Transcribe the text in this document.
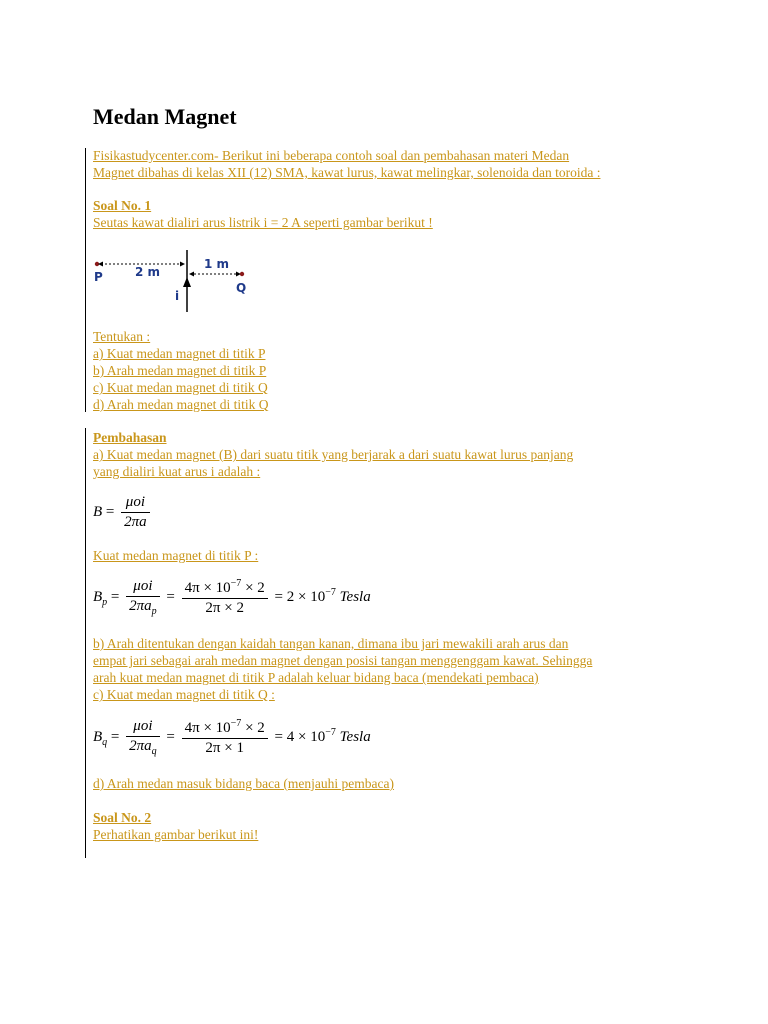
Medan Magnet
Fisikastudycenter.com- Berikut ini beberapa contoh soal dan pembahasan materi Medan
Magnet dibahas di kelas XII (12) SMA, kawat lurus, kawat melingkar, solenoida dan toroida :
Soal No. 1
Seutas kawat dialiri arus listrik i = 2 A seperti gambar berikut !
P	2 m
1 m
i
Q
Tentukan :
a) Kuat medan magnet di titik P
b) Arah medan magnet di titik P
c) Kuat medan magnet di titik Q
d) Arah medan magnet di titik Q
Pembahasan
a) Kuat medan magnet (B) dari suatu titik yang berjarak a dari suatu kawat lurus panjang
yang dialiri kuat arus i adalah :
$B = \frac{\text{μoi}}{2\pi a}$
Kuat medan magnet di titik P :
$B_p = \frac{\text{μoi}}{2\pi a_p} = \frac{4\pi \times 10^{-7} \times 2}{2\pi \times 2} = 2 \times 10^{-7}$ Tesla
b) Arah ditentukan dengan kaidah tangan kanan, dimana ibu jari mewakili arah arus dan
empat jari sebagai arah medan magnet dengan posisi tangan menggenggam kawat. Sehingga
arah kuat medan magnet di titik P adalah keluar bidang baca (mendekati pembaca)
c) Kuat medan magnet di titik Q :
$B_q = \frac{\text{μoi}}{2\pi a_q} = \frac{4\pi \times 10^{-7} \times 2}{2\pi \times 1} = 4 \times 10^{-7}$ Tesla
d) Arah medan masuk bidang baca (menjauhi pembaca)
Soal No. 2
Perhatikan gambar berikut ini!
